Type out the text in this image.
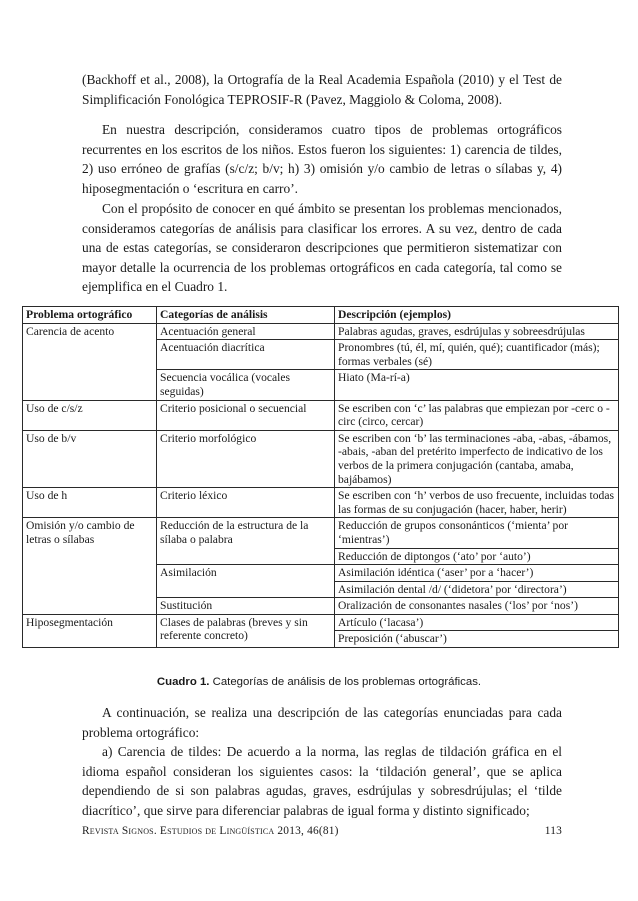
(Backhoff et al., 2008), la Ortografía de la Real Academia Española (2010) y el Test de Simplificación Fonológica TEPROSIF-R (Pavez, Maggiolo & Coloma, 2008).

En nuestra descripción, consideramos cuatro tipos de problemas ortográficos recurrentes en los escritos de los niños. Estos fueron los siguientes: 1) carencia de tildes, 2) uso erróneo de grafías (s/c/z; b/v; h) 3) omisión y/o cambio de letras o sílabas y, 4) hiposegmentación o ‘escritura en carro’.

Con el propósito de conocer en qué ámbito se presentan los problemas mencionados, consideramos categorías de análisis para clasificar los errores. A su vez, dentro de cada una de estas categorías, se consideraron descripciones que permitieron sistematizar con mayor detalle la ocurrencia de los problemas ortográficos en cada categoría, tal como se ejemplifica en el Cuadro 1.

Problema ortográfico	Categorías de análisis	Descripción (ejemplos)
Carencia de acento	Acentuación general	Palabras agudas, graves, esdrújulas y sobreesdrújulas
	Acentuación diacrítica	Pronombres (tú, él, mí, quién, qué); cuantificador (más); formas verbales (sé)
	Secuencia vocálica (vocales seguidas)	Hiato (Ma-rí-a)
Uso de c/s/z	Criterio posicional o secuencial	Se escriben con ‘c’ las palabras que empiezan por -cerc o -circ (circo, cercar)
Uso de b/v	Criterio morfológico	Se escriben con ‘b’ las terminaciones -aba, -abas, -ábamos, -abais, -aban del pretérito imperfecto de indicativo de los verbos de la primera conjugación (cantaba, amaba, bajábamos)
Uso de h	Criterio léxico	Se escriben con ‘h’ verbos de uso frecuente, incluidas todas las formas de su conjugación (hacer, haber, herir)
Omisión y/o cambio de letras o sílabas	Reducción de la estructura de la sílaba o palabra	Reducción de grupos consonánticos (‘mienta’ por ‘mientras’)
		Reducción de diptongos (‘ato’ por ‘auto’)
	Asimilación	Asimilación idéntica (‘aser’ por a ‘hacer’)
		Asimilación dental /d/ (‘didetora’ por ‘directora’)
	Sustitución	Oralización de consonantes nasales (‘los’ por ‘nos’)
Hiposegmentación	Clases de palabras (breves y sin referente concreto)	Artículo (‘lacasa’)
		Preposición (‘abuscar’)
Cuadro 1. Categorías de análisis de los problemas ortográficas.

A continuación, se realiza una descripción de las categorías enunciadas para cada problema ortográfico:

a) Carencia de tildes: De acuerdo a la norma, las reglas de tildación gráfica en el idioma español consideran los siguientes casos: la ‘tildación general’, que se aplica dependiendo de si son palabras agudas, graves, esdrújulas y sobresdrújulas; el ‘tilde diacrítico’, que sirve para diferenciar palabras de igual forma y distinto significado;

Revista Signos. Estudios de Lingüística 2013, 46(81)	113
